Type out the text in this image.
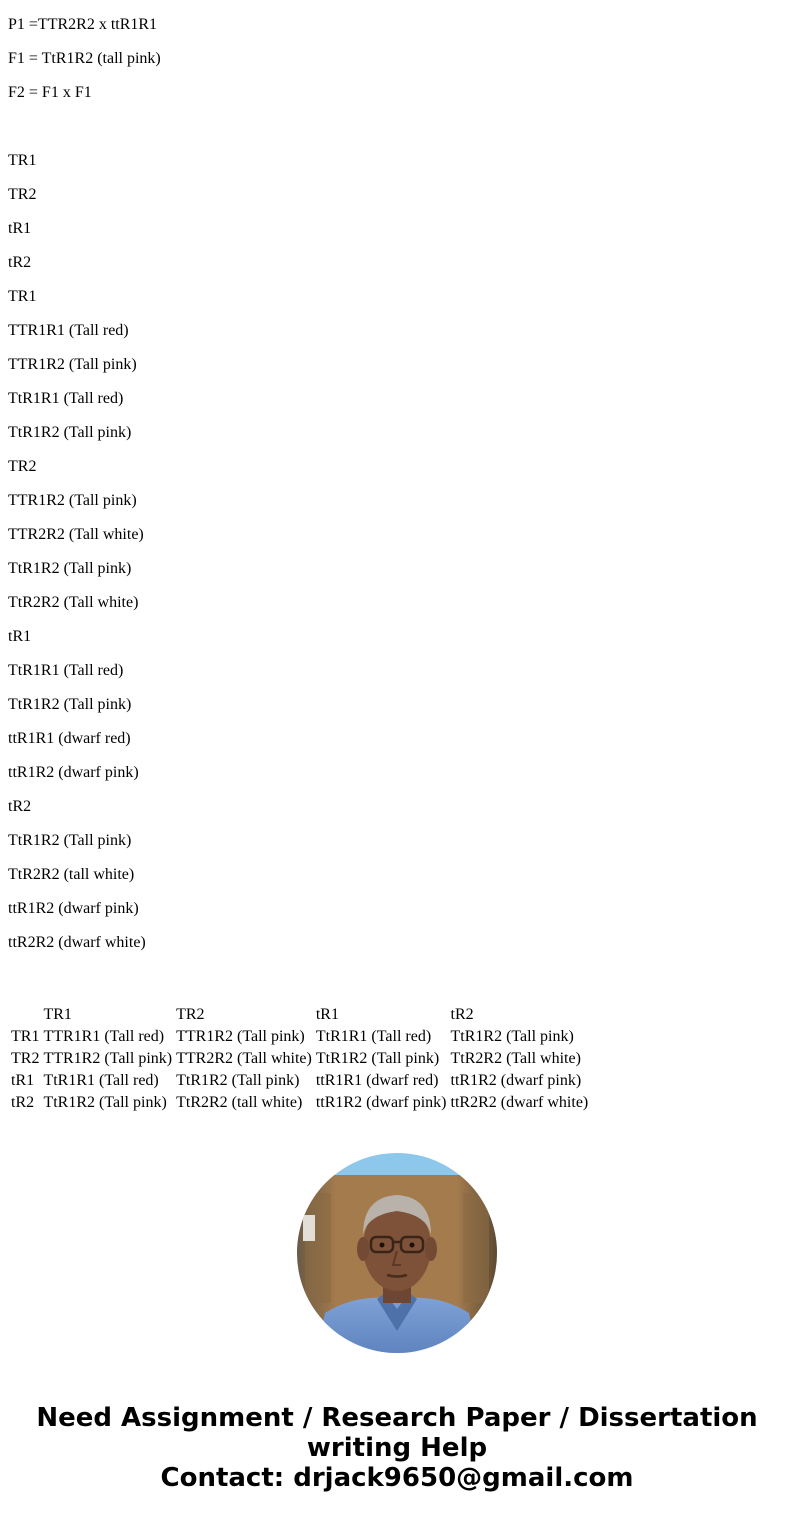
P1 =TTR2R2 x ttR1R1

F1 = TtR1R2 (tall pink)

F2 = F1 x F1

TR1

TR2

tR1

tR2

TR1

TTR1R1 (Tall red)

TTR1R2 (Tall pink)

TtR1R1 (Tall red)

TtR1R2 (Tall pink)

TR2

TTR1R2 (Tall pink)

TTR2R2 (Tall white)

TtR1R2 (Tall pink)

TtR2R2 (Tall white)

tR1

TtR1R1 (Tall red)

TtR1R2 (Tall pink)

ttR1R1 (dwarf red)

ttR1R2 (dwarf pink)

tR2

TtR1R2 (Tall pink)

TtR2R2 (tall white)

ttR1R2 (dwarf pink)

ttR2R2 (dwarf white)

	TR1	TR2	tR1	tR2
TR1	TTR1R1 (Tall red)	TTR1R2 (Tall pink)	TtR1R1 (Tall red)	TtR1R2 (Tall pink)
TR2	TTR1R2 (Tall pink)	TTR2R2 (Tall white)	TtR1R2 (Tall pink)	TtR2R2 (Tall white)
tR1	TtR1R1 (Tall red)	TtR1R2 (Tall pink)	ttR1R1 (dwarf red)	ttR1R2 (dwarf pink)
tR2	TtR1R2 (Tall pink)	TtR2R2 (tall white)	ttR1R2 (dwarf pink)	ttR2R2 (dwarf white)
Need Assignment / Research Paper / Dissertation
writing Help
Contact: drjack9650@gmail.com
